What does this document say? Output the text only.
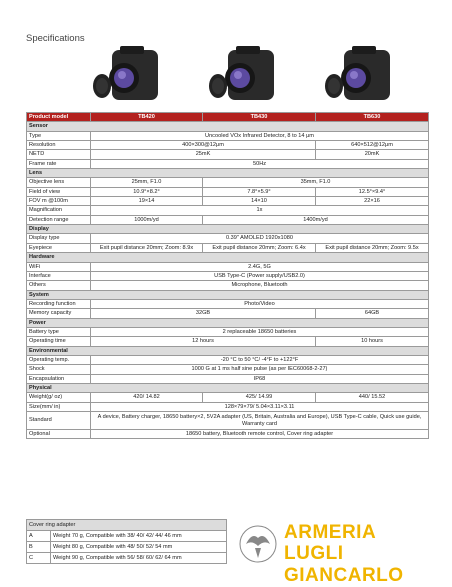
Specifications
Product model	TB420	TB430	TB630
Sensor			
Type	Uncooled VOx Infrared Detector, 8 to 14 μm		
Resolution	400×300@12μm		640×512@12μm
NETD	25mK		20mK
Frame rate	50Hz		
Lens			
Objective lens	25mm, F1.0	35mm, F1.0	
Field of view	10.9°×8.2°	7.8°×5.9°	12.5°×9.4°
FOV m @100m	19×14	14×10	22×16
Magnification	1x		
Detection range	1000m/yd	1400m/yd	
Display			
Display type	0.39" AMOLED 1920x1080		
Eyepiece	Exit pupil distance 20mm; Zoom: 8.9x	Exit pupil distance 20mm; Zoom: 6.4x	Exit pupil distance 20mm; Zoom: 9.5x
Hardware			
WiFi	2.4G, 5G		
Interface	USB Type-C (Power supply/USB2.0)		
Others	Microphone, Bluetooth		
System			
Recording function	Photo/Video		
Memory capacity	32GB		64GB
Power			
Battery type	2 replaceable 18650 batteries		
Operating time	12 hours		10 hours
Environmental			
Operating temp.	-20 °C to 50 °C/ -4°F to +122°F		
Shock	1000 G at 1 ms half sine pulse (as per IEC60068-2-27)		
Encapsulation	IP68		
Physical			
Weight(g/ oz)	420/ 14.82	425/ 14.99	440/ 15.52
Size(mm/ in)	128×79×79/ 5.04×3.11×3.11		
Standard	A device, Battery charger, 18650 battery×2, 5V2A adapter (US, Britain, Australia and Europe), USB Type-C cable, Quick use guide, Warranty card		
Optional	18650 battery, Bluetooth remote control, Cover ring adapter		
Cover ring adapter	
A	Weight 70 g, Compatible with 38/ 40/ 42/ 44/ 46 mm
B	Weight 80 g, Compatible with 48/ 50/ 52/ 54 mm
C	Weight 90 g, Compatible with 56/ 58/ 60/ 62/ 64 mm
ARMERIA
LUGLI GIANCARLO
